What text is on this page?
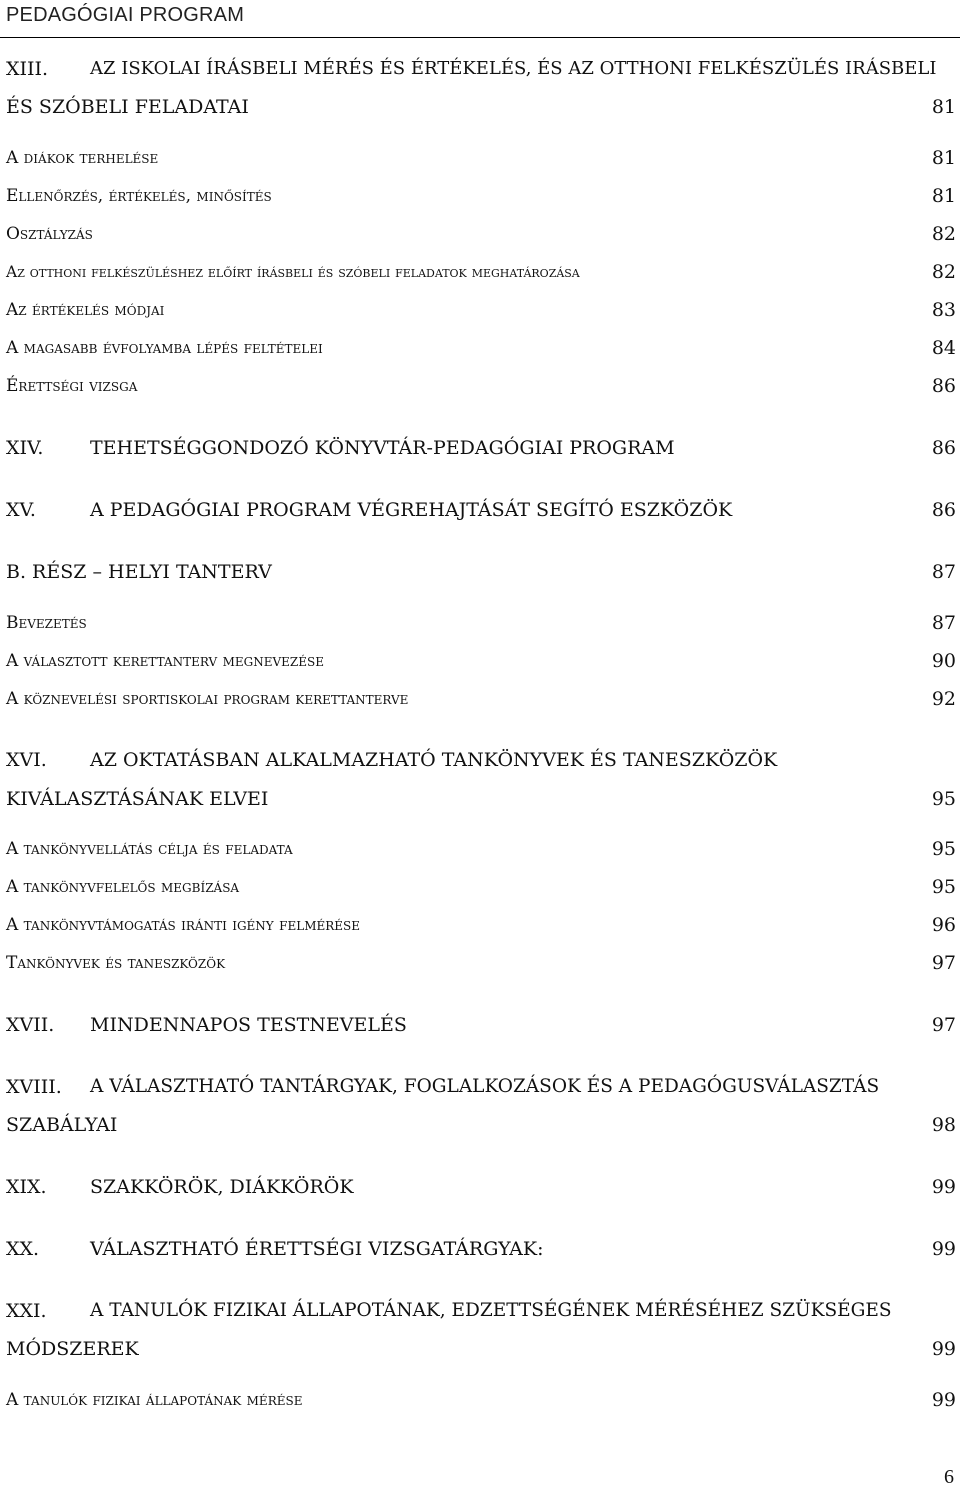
PEDAGÓGIAI PROGRAM
XIII. AZ ISKOLAI ÍRÁSBELI MÉRÉS ÉS ÉRTÉKELÉS, ÉS AZ OTTHONI FELKÉSZÜLÉS IRÁSBELI
ÉS SZÓBELI FELADATAI	81
A diákok terhelése	81
Ellenőrzés, értékelés, minősítés	81
Osztályzás	82
Az otthoni felkészüléshez előírt írásbeli és szóbeli feladatok meghatározása	82
Az értékelés módjai	83
A magasabb évfolyamba lépés feltételei	84
Érettségi vizsga	86
XIV. TEHETSÉGGONDOZÓ KÖNYVTÁR-PEDAGÓGIAI PROGRAM	86
XV.	A PEDAGÓGIAI PROGRAM VÉGREHAJTÁSÁT SEGÍTÓ ESZKÖZÖK	86
B. RÉSZ – HELYI TANTERV	87
Bevezetés	87
A választott kerettanterv megnevezése	90
A köznevelési sportiskolai program kerettanterve	92
XVI. AZ OKTATÁSBAN ALKALMAZHATÓ TANKÖNYVEK ÉS TANESZKÖZÖK
KIVÁLASZTÁSÁNAK ELVEI	95
A tankönyvellátás célja és feladata	95
A tankönyvfelelős megbízása	95
A tankönyvtámogatás iránti igény felmérése	96
Tankönyvek és taneszközök	97
XVII. MINDENNAPOS TESTNEVELÉS	97
XVIII. A VÁLASZTHATÓ TANTÁRGYAK, FOGLALKOZÁSOK ÉS A PEDAGÓGUSVÁLASZTÁS
SZABÁLYAI	98
XIX. SZAKKÖRÖK, DIÁKKÖRÖK	99
XX.	VÁLASZTHATÓ ÉRETTSÉGI VIZSGATÁRGYAK:	99
XXI. A TANULÓK FIZIKAI ÁLLAPOTÁNAK, EDZETTSÉGÉNEK MÉRÉSÉHEZ SZÜKSÉGES
MÓDSZEREK	99
A tanulók fizikai állapotának mérése	99
6
